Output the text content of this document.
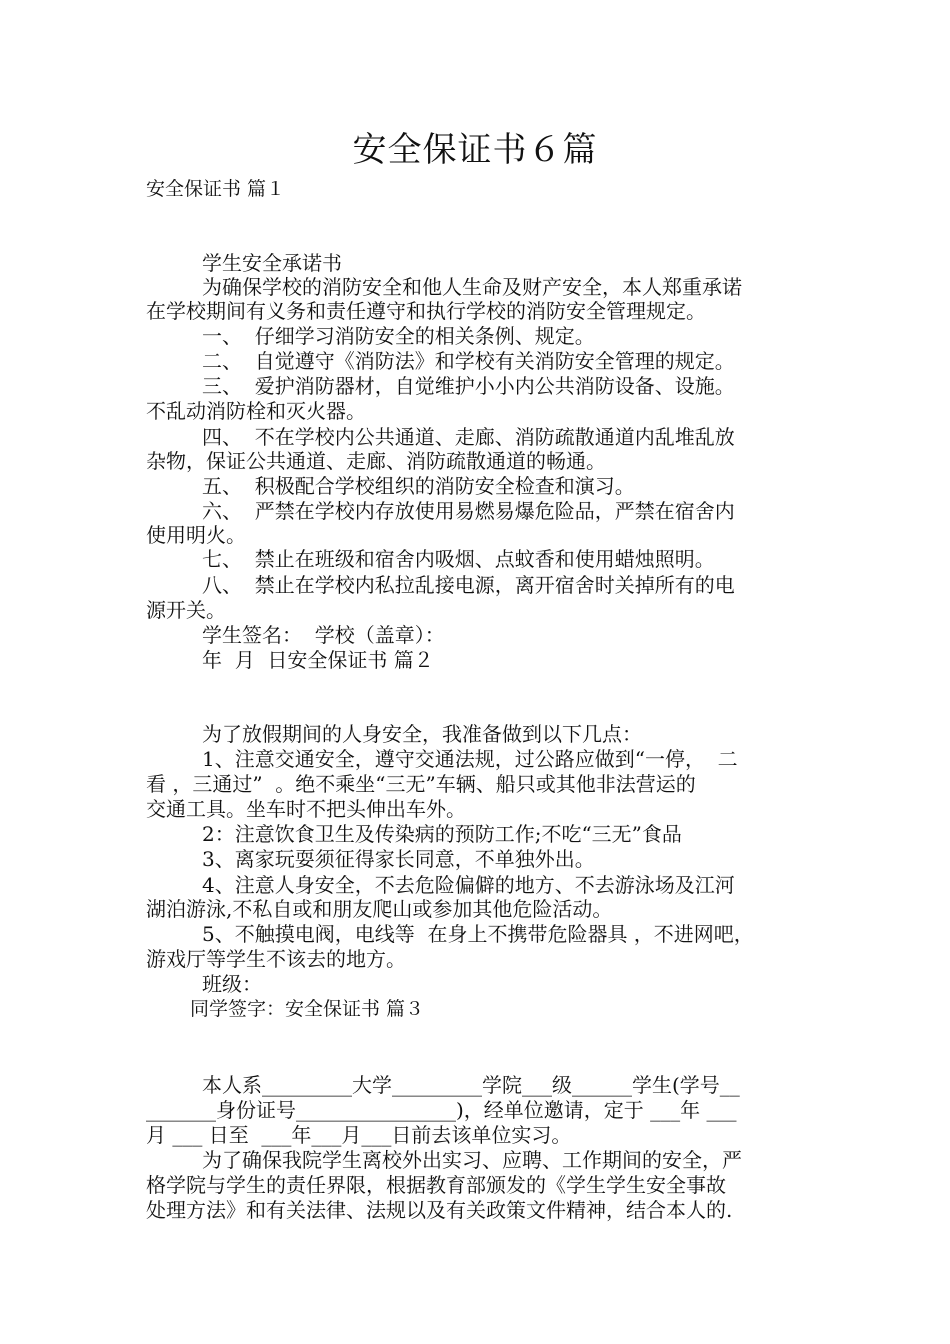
安全保证书６篇
安全保证书 篇１
学生安全承诺书
为确保学校的消防安全和他人生命及财产安全，本人郑重承诺
在学校期间有义务和责任遵守和执行学校的消防安全管理规定。
一、  仔细学习消防安全的相关条例、规定。
二、  自觉遵守《消防法》和学校有关消防安全管理的规定。
三、  爱护消防器材，自觉维护小小内公共消防设备、设施。
不乱动消防栓和灭火器。
四、  不在学校内公共通道、走廊、消防疏散通道内乱堆乱放
杂物，保证公共通道、走廊、消防疏散通道的畅通。
五、  积极配合学校组织的消防安全检查和演习。
六、  严禁在学校内存放使用易燃易爆危险品，严禁在宿舍内
使用明火。
七、  禁止在班级和宿舍内吸烟、点蚊香和使用蜡烛照明。
八、  禁止在学校内私拉乱接电源，离开宿舍时关掉所有的电
源开关。
学生签名：  学校（盖章）：
年  月  日安全保证书 篇２
为了放假期间的人身安全，我准备做到以下几点：
1、注意交通安全，遵守交通法规，过公路应做到“一停，  二
看 ，三通过”  。绝不乘坐“三无”车辆、船只或其他非法营运的
交通工具。坐车时不把头伸出车外。
2：注意饮食卫生及传染病的预防工作;不吃“三无”食品
3、离家玩耍须征得家长同意，不单独外出。
4、注意人身安全，不去危险偏僻的地方、不去游泳场及江河
湖泊游泳,不私自或和朋友爬山或参加其他危险活动。
5、不触摸电阀，电线等  在身上不携带危险器具 ，不进网吧，
游戏厅等学生不该去的地方。
班级：
同学签字：安全保证书 篇３
本人系_________大学_________学院___级______学生(学号__
_______身份证号________________)，经单位邀请，定于 ___年 ___
月 ___ 日至  ___年___月___日前去该单位实习。
为了确保我院学生离校外出实习、应聘、工作期间的安全，严
格学院与学生的责任界限，根据教育部颁发的《学生学生安全事故
处理方法》和有关法律、法规以及有关政策文件精神，结合本人的.
